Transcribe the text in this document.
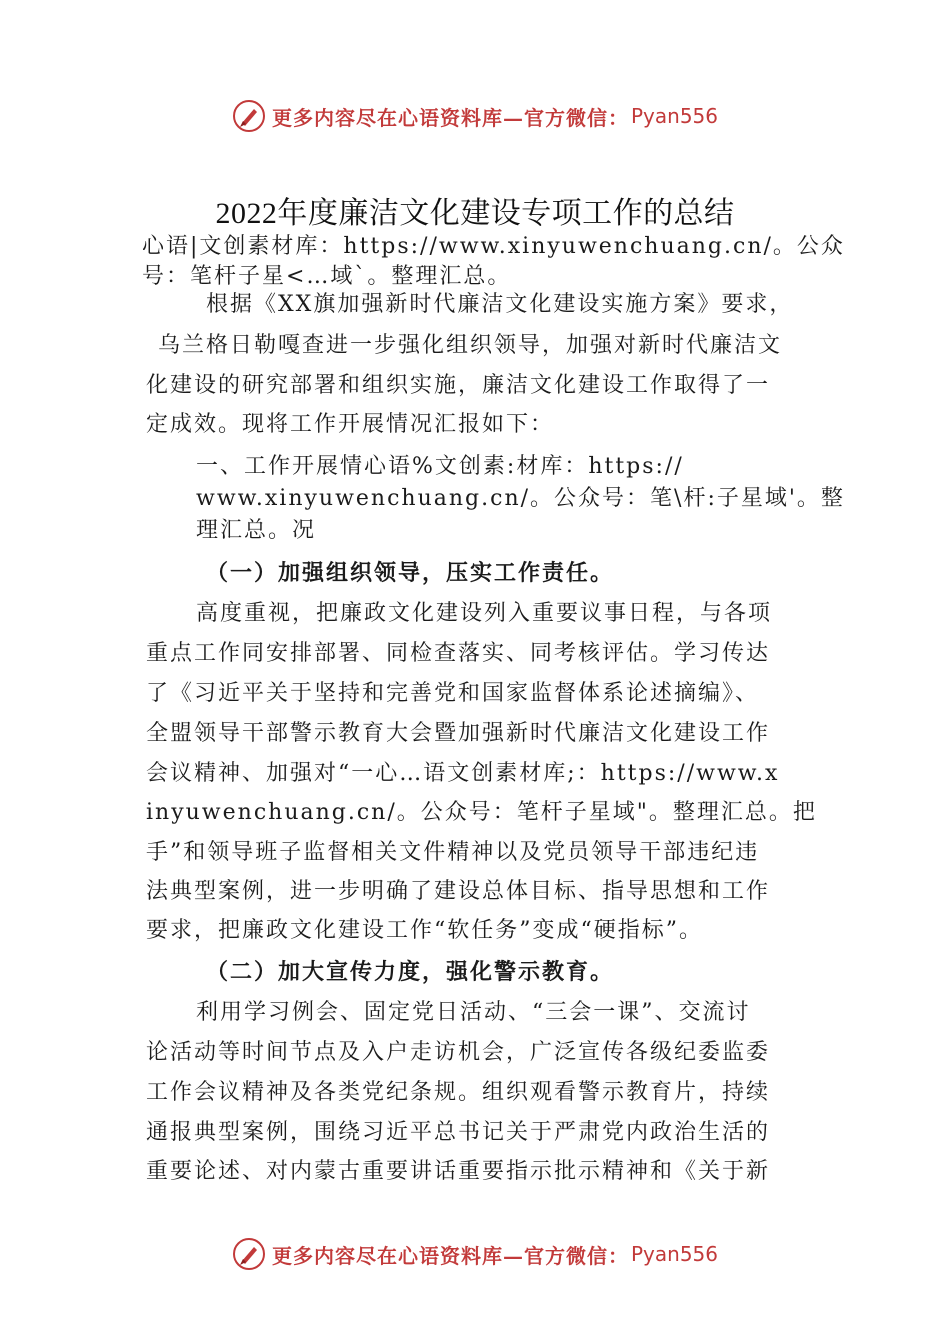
更多内容尽在心语资料库—官方微信： Pyan556
2022年度廉洁文化建设专项工作的总结
心语|文创素材库：https://www.xinyuwenchuang.cn/。公众
号：笔杆子星<…域`。整理汇总。
根据《XX旗加强新时代廉洁文化建设实施方案》要求，
乌兰格日勒嘎查进一步强化组织领导，加强对新时代廉洁文
化建设的研究部署和组织实施，廉洁文化建设工作取得了一
定成效。现将工作开展情况汇报如下：
一、工作开展情心语%文创素:材库：https://
www.xinyuwenchuang.cn/。公众号：笔\杆:子星域'。整
理汇总。况
（一）加强组织领导，压实工作责任。
高度重视，把廉政文化建设列入重要议事日程，与各项
重点工作同安排部署、同检查落实、同考核评估。学习传达
了《习近平关于坚持和完善党和国家监督体系论述摘编》、
全盟领导干部警示教育大会暨加强新时代廉洁文化建设工作
会议精神、加强对“一心…语文创素材库;：https://www.x
inyuwenchuang.cn/。公众号：笔杆子星域"。整理汇总。把
手”和领导班子监督相关文件精神以及党员领导干部违纪违
法典型案例，进一步明确了建设总体目标、指导思想和工作
要求，把廉政文化建设工作“软任务”变成“硬指标”。
（二）加大宣传力度，强化警示教育。
利用学习例会、固定党日活动、“三会一课”、交流讨
论活动等时间节点及入户走访机会，广泛宣传各级纪委监委
工作会议精神及各类党纪条规。组织观看警示教育片，持续
通报典型案例，围绕习近平总书记关于严肃党内政治生活的
重要论述、对内蒙古重要讲话重要指示批示精神和《关于新
更多内容尽在心语资料库—官方微信： Pyan556
